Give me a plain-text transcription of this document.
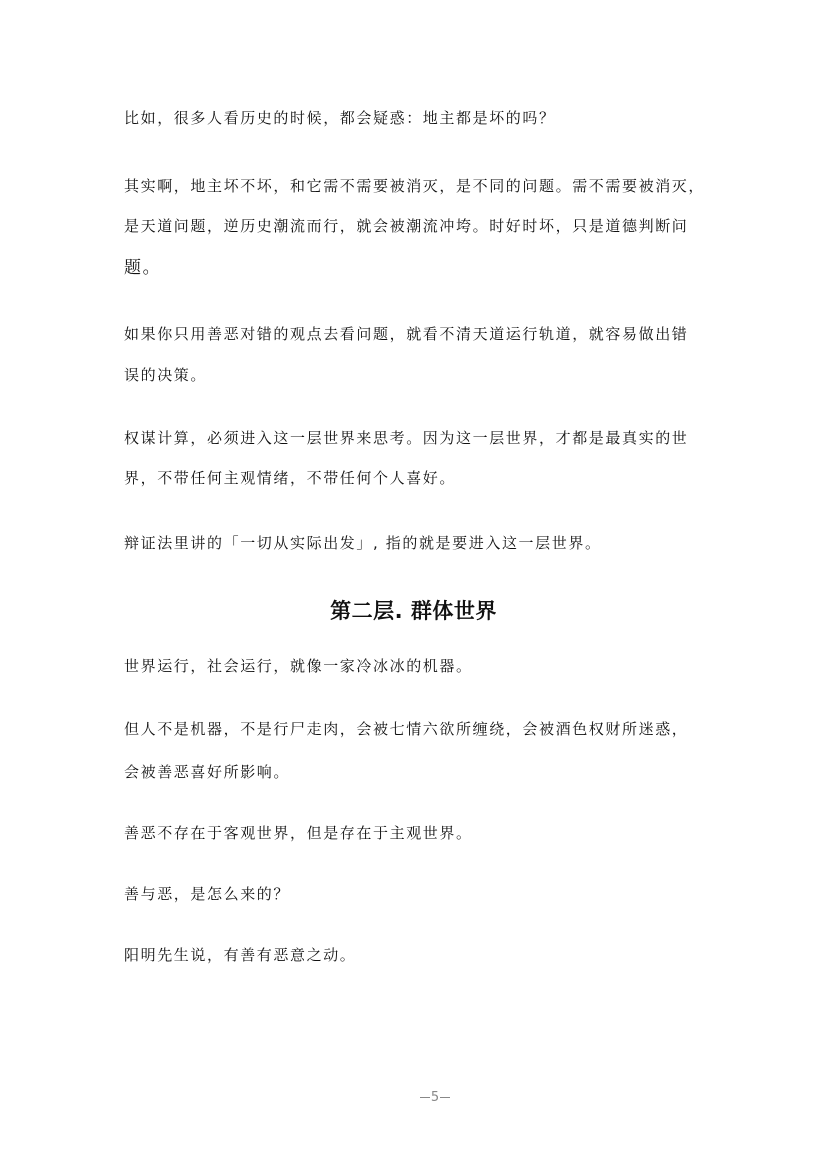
比如，很多人看历史的时候，都会疑惑：地主都是坏的吗？
其实啊，地主坏不坏，和它需不需要被消灭，是不同的问题。需不需要被消灭，
是天道问题，逆历史潮流而行，就会被潮流冲垮。时好时坏，只是道德判断问
题。
如果你只用善恶对错的观点去看问题，就看不清天道运行轨道，就容易做出错
误的决策。
权谋计算，必须进入这一层世界来思考。因为这一层世界，才都是最真实的世
界，不带任何主观情绪，不带任何个人喜好。
辩证法里讲的「一切从实际出发」, 指的就是要进入这一层世界。
第二层. 群体世界
世界运行，社会运行，就像一家冷冰冰的机器。
但人不是机器，不是行尸走肉，会被七情六欲所缠绕，会被酒色权财所迷惑，
会被善恶喜好所影响。
善恶不存在于客观世界，但是存在于主观世界。
善与恶，是怎么来的？
阳明先生说，有善有恶意之动。
5
